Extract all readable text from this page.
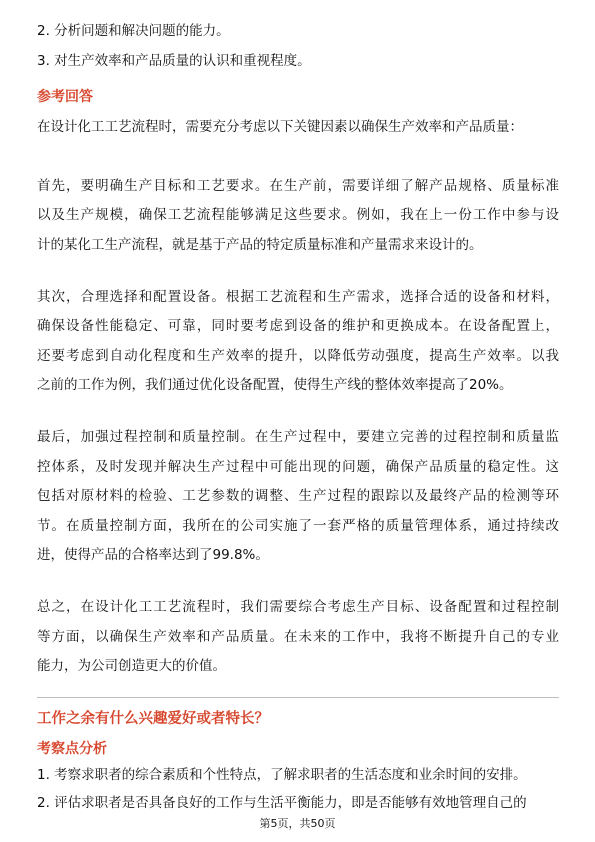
2. 分析问题和解决问题的能力。
3. 对生产效率和产品质量的认识和重视程度。
参考回答
在设计化工工艺流程时，需要充分考虑以下关键因素以确保生产效率和产品质量：
首先，要明确生产目标和工艺要求。在生产前，需要详细了解产品规格、质量标准
以及生产规模，确保工艺流程能够满足这些要求。例如，我在上一份工作中参与设
计的某化工生产流程，就是基于产品的特定质量标准和产量需求来设计的。
其次，合理选择和配置设备。根据工艺流程和生产需求，选择合适的设备和材料，
确保设备性能稳定、可靠，同时要考虑到设备的维护和更换成本。在设备配置上，
还要考虑到自动化程度和生产效率的提升，以降低劳动强度，提高生产效率。以我
之前的工作为例，我们通过优化设备配置，使得生产线的整体效率提高了20%。
最后，加强过程控制和质量控制。在生产过程中，要建立完善的过程控制和质量监
控体系，及时发现并解决生产过程中可能出现的问题，确保产品质量的稳定性。这
包括对原材料的检验、工艺参数的调整、生产过程的跟踪以及最终产品的检测等环
节。在质量控制方面，我所在的公司实施了一套严格的质量管理体系，通过持续改
进，使得产品的合格率达到了99.8%。
总之，在设计化工工艺流程时，我们需要综合考虑生产目标、设备配置和过程控制
等方面，以确保生产效率和产品质量。在未来的工作中，我将不断提升自己的专业
能力，为公司创造更大的价值。
工作之余有什么兴趣爱好或者特长？
考察点分析
1. 考察求职者的综合素质和个性特点，了解求职者的生活态度和业余时间的安排。
2. 评估求职者是否具备良好的工作与生活平衡能力，即是否能够有效地管理自己的
第5页，共50页
